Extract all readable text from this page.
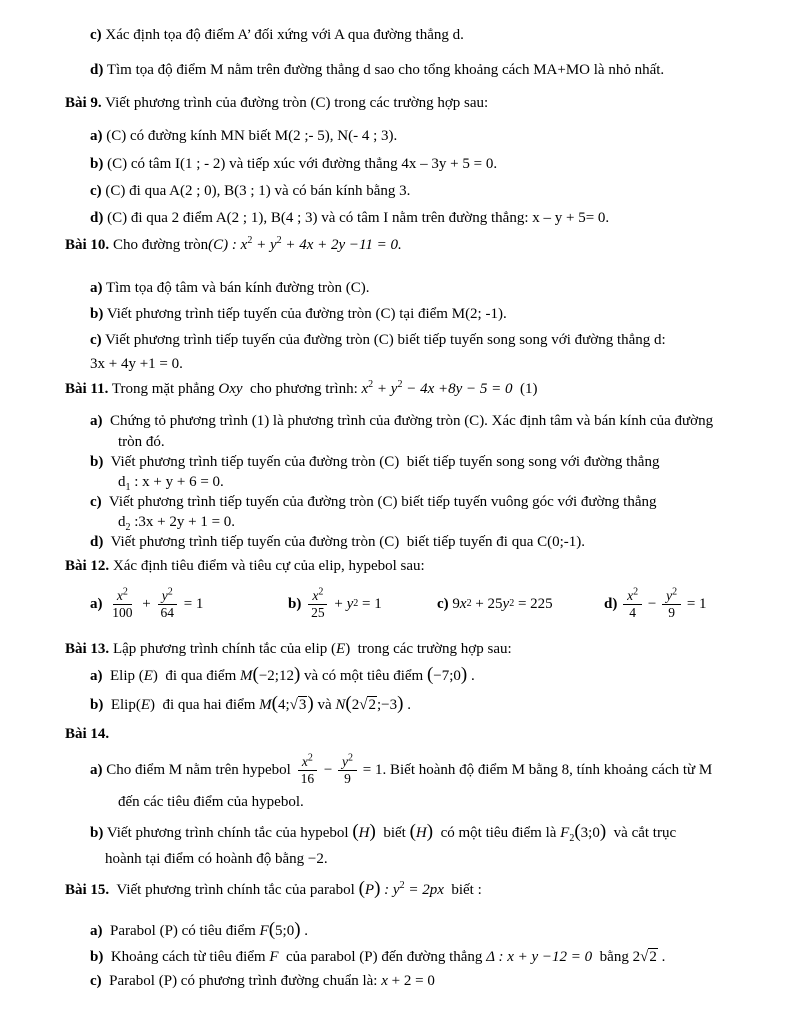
c) Xác định tọa độ điểm A’ đối xứng với A qua đường thẳng d.
d) Tìm tọa độ điểm M nằm trên đường thẳng d sao cho tổng khoảng cách MA+MO là nhỏ nhất.
Bài 9. Viết phương trình của đường tròn (C) trong các trường hợp sau:
a) (C) có đường kính MN biết M(2 ;- 5), N(- 4 ; 3).
b) (C) có tâm I(1 ; - 2) và tiếp xúc với đường thẳng 4x – 3y + 5 = 0.
c) (C) đi qua A(2 ; 0), B(3 ; 1) và có bán kính bằng 3.
d) (C) đi qua 2 điểm A(2 ; 1), B(4 ; 3) và có tâm I nằm trên đường thẳng: x – y + 5= 0.
Bài 10. Cho đường tròn(C) : $x^2 + y^2 + 4x + 2y -11 = 0$.
a) Tìm tọa độ tâm và bán kính đường tròn (C).
b) Viết phương trình tiếp tuyến của đường tròn (C) tại điểm M(2; -1).
c) Viết phương trình tiếp tuyến của đường tròn (C) biết tiếp tuyến song song với đường thẳng d:
3x + 4y +1 = 0.
Bài 11. Trong mặt phẳng Oxy  cho phương trình: $x^2 + y^2 - 4x +8y - 5 = 0$  (1)
a)  Chứng tỏ phương trình (1) là phương trình của đường tròn (C). Xác định tâm và bán kính của đường
tròn đó.
b)  Viết phương trình tiếp tuyến của đường tròn (C)  biết tiếp tuyến song song với đường thẳng
$d_1$ : x + y + 6 = 0.
c)  Viết phương trình tiếp tuyến của đường tròn (C) biết tiếp tuyến vuông góc với đường thẳng
$d_2$ :3x + 2y + 1 = 0.
d)  Viết phương trình tiếp tuyến của đường tròn (C)  biết tiếp tuyến đi qua C(0;-1).
Bài 12. Xác định tiêu điểm và tiêu cự của elip, hypebol sau:
$a) \frac{x^2}{100} + \frac{y^2}{64} = 1$	$b) \frac{x^2}{25} + y$ 2 = 1	c) 9 x 2 + 25 y 2 = 225	$d) \frac{x^2}{4} - \frac{y^2}{9} = 1$
Bài 13. Lập phương trình chính tắc của elip (E)  trong các trường hợp sau:
a)  Elip (E)  đi qua điểm M(−2;12) và có một tiêu điểm (−7;0) .
b)  Elip(E)  đi qua hai điểm M(4;√3) và N(2√2;−3) .
Bài 14.
a) Cho điểm M nằm trên hypebol $\frac{x^2}{16} - \frac{y^2}{9} = 1$. Biết hoành độ điểm M bằng 8, tính khoảng cách từ M
đến các tiêu điểm của hypebol.
b) Viết phương trình chính tắc của hypebol (H)  biết (H)  có một tiêu điểm là $F_2(3;0)$  và cắt trục
hoành tại điểm có hoành độ bằng −2.
Bài 15.  Viết phương trình chính tắc của parabol (P) : $y^2 = 2px$  biết :
a)  Parabol (P) có tiêu điểm F(5;0) .
b)  Khoảng cách từ tiêu điểm F  của parabol (P) đến đường thẳng Δ : x + y −12 = 0  bằng 2√2 .
c)  Parabol (P) có phương trình đường chuẩn là: x + 2 = 0
